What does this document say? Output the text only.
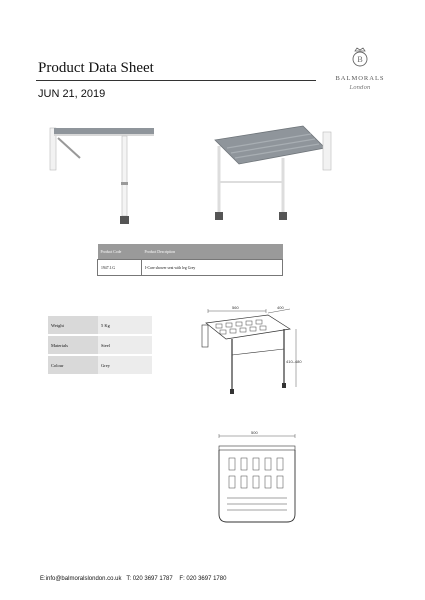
Product Data Sheet
JUN 21, 2019
B
BALMORALS
London
Product Code	Product Description
1947.1.G	I-Care shower seat with leg Grey
Weight	5 Kg
Materials	Steel
Colour	Grey
560	400
410–480
500
E:info@balmoralslondon.co.uk   T: 020 3697 1787    F: 020 3697 1780
